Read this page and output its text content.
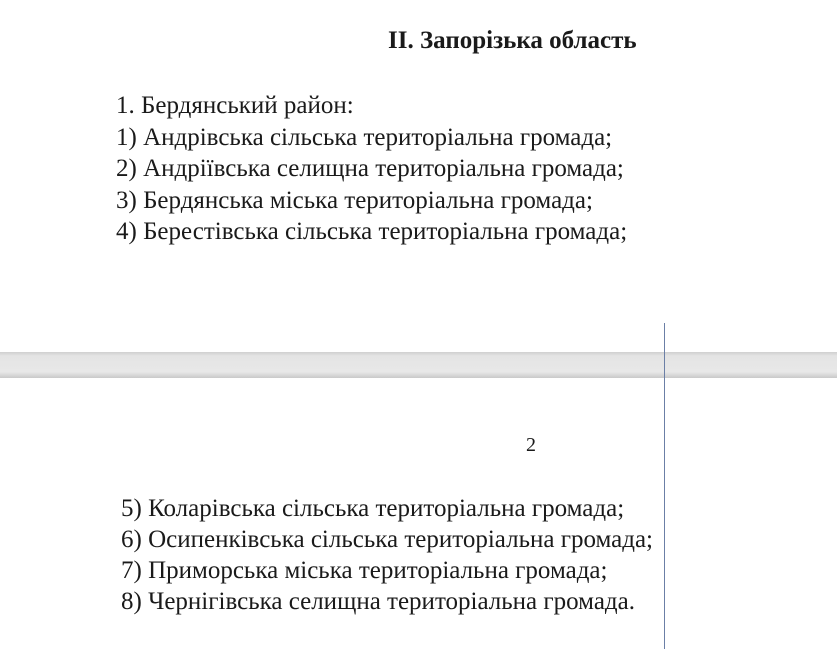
ІІ. Запорізька область
1. Бердянський район:
1) Андрівська сільська територіальна громада;
2) Андріївська селищна територіальна громада;
3) Бердянська міська територіальна громада;
4) Берестівська сільська територіальна громада;
2
5) Коларівська сільська територіальна громада;
6) Осипенківська сільська територіальна громада;
7) Приморська міська територіальна громада;
8) Чернігівська селищна територіальна громада.
